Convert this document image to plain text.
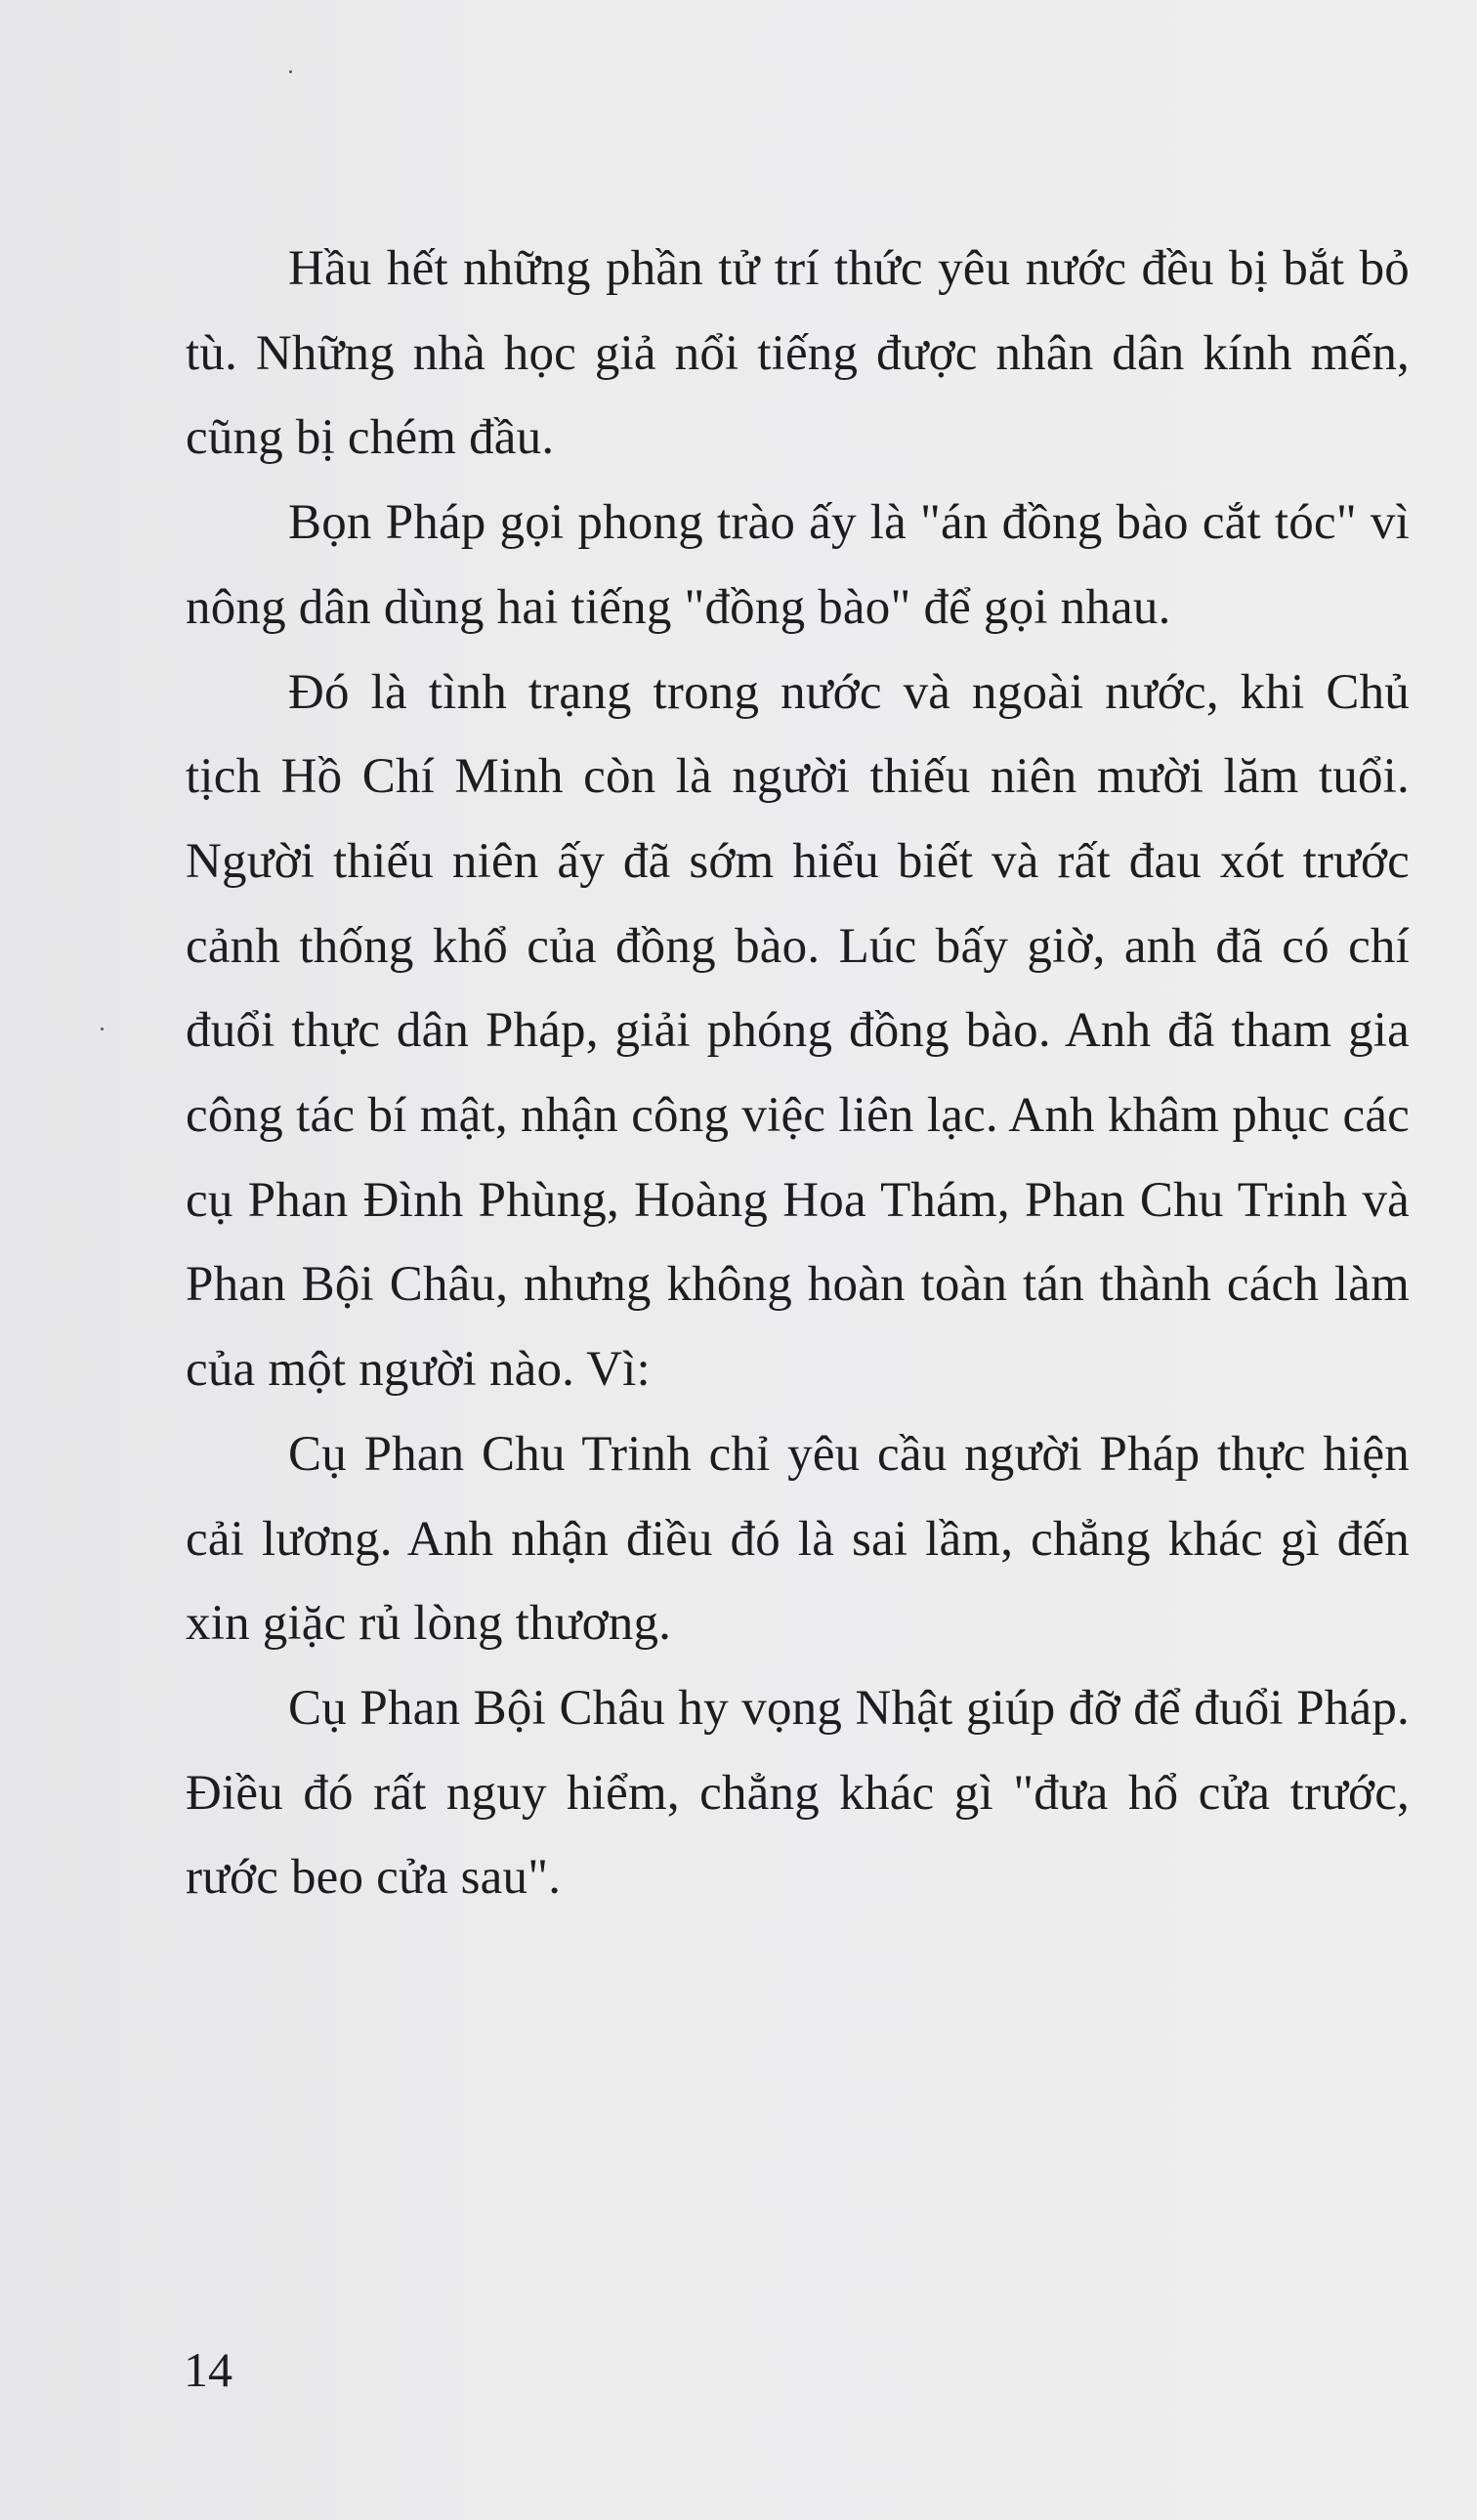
Hầu hết những phần tử trí thức yêu nước đều bị bắt bỏ tù. Những nhà học giả nổi tiếng được nhân dân kính mến, cũng bị chém đầu.

Bọn Pháp gọi phong trào ấy là "án đồng bào cắt tóc" vì nông dân dùng hai tiếng "đồng bào" để gọi nhau.

Đó là tình trạng trong nước và ngoài nước, khi Chủ tịch Hồ Chí Minh còn là người thiếu niên mười lăm tuổi. Người thiếu niên ấy đã sớm hiểu biết và rất đau xót trước cảnh thống khổ của đồng bào. Lúc bấy giờ, anh đã có chí đuổi thực dân Pháp, giải phóng đồng bào. Anh đã tham gia công tác bí mật, nhận công việc liên lạc. Anh khâm phục các cụ Phan Đình Phùng, Hoàng Hoa Thám, Phan Chu Trinh và Phan Bội Châu, nhưng không hoàn toàn tán thành cách làm của một người nào. Vì:

Cụ Phan Chu Trinh chỉ yêu cầu người Pháp thực hiện cải lương. Anh nhận điều đó là sai lầm, chẳng khác gì đến xin giặc rủ lòng thương.

Cụ Phan Bội Châu hy vọng Nhật giúp đỡ để đuổi Pháp. Điều đó rất nguy hiểm, chẳng khác gì "đưa hổ cửa trước, rước beo cửa sau".

14
